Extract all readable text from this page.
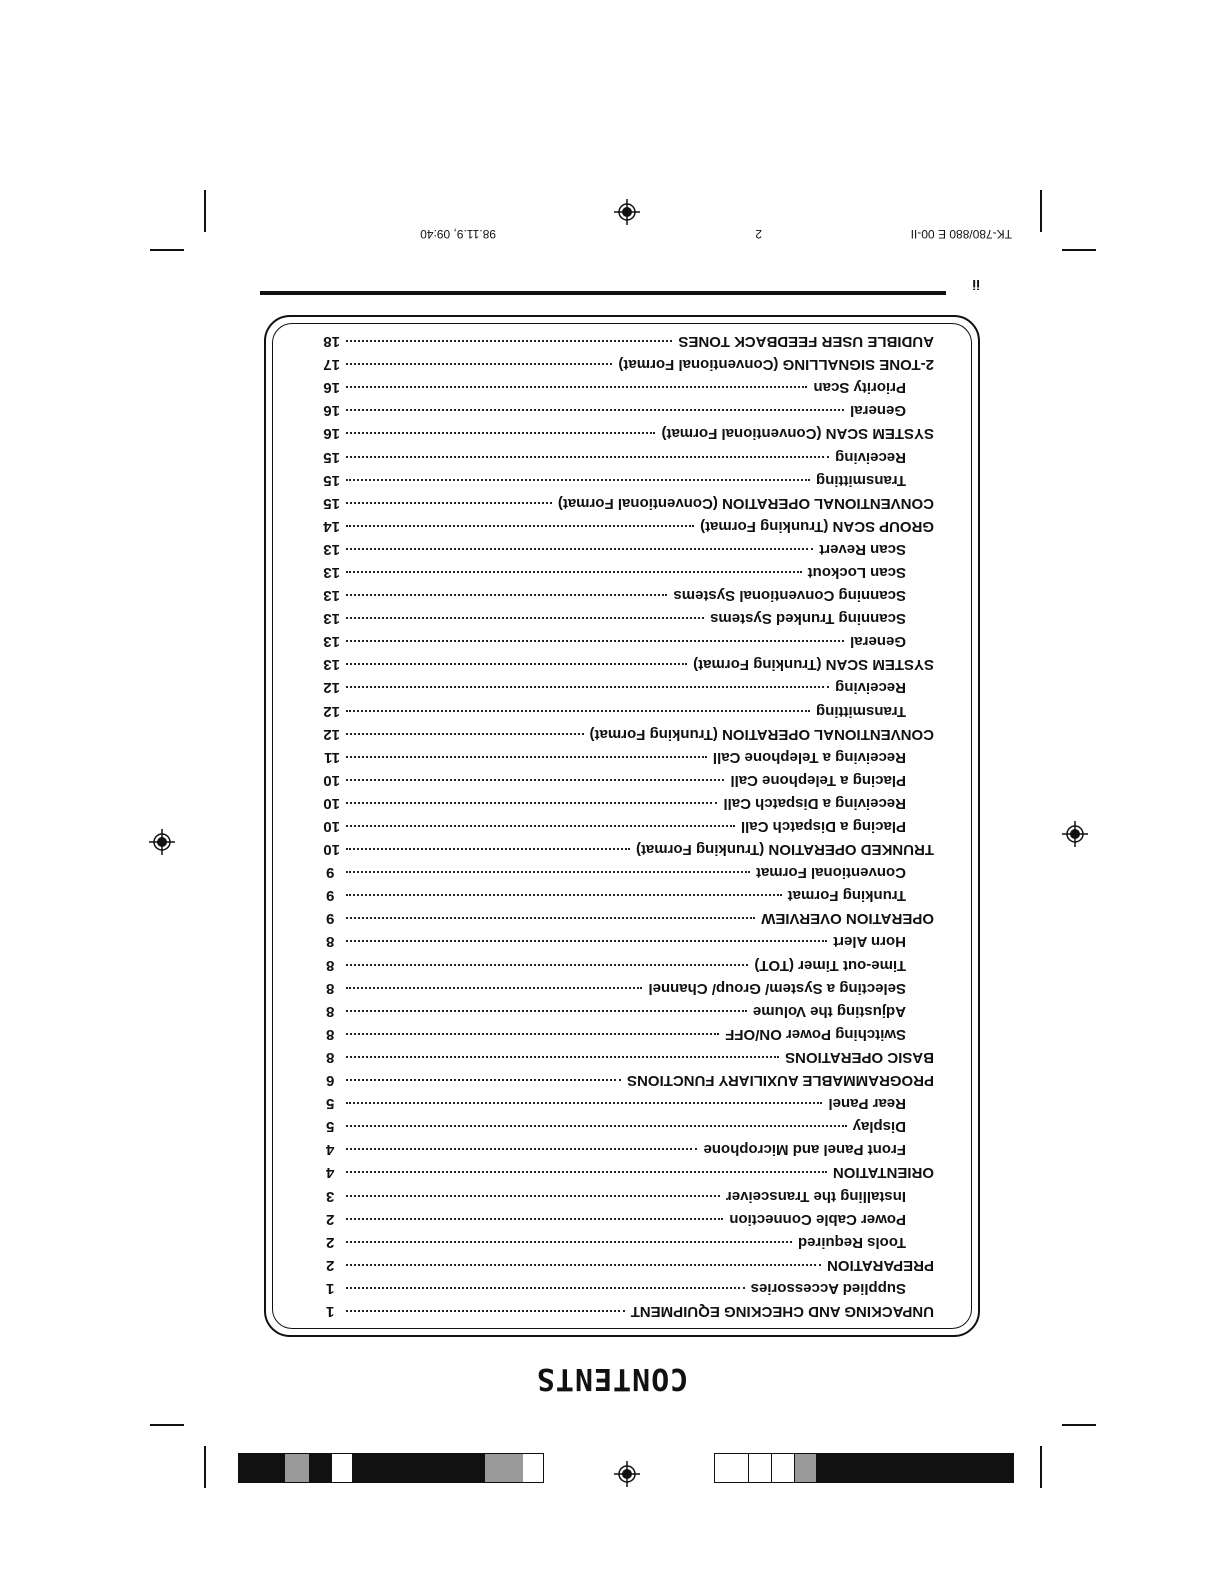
CONTENTS
UNPACKING AND CHECKING EQUIPMENT
1
Supplied Accessories
1
PREPARATION
2
Tools Required
2
Power Cable Connection
2
Installing the Transceiver
3
ORIENTATION
4
Front Panel and Microphone
4
Display
5
Rear Panel
5
PROGRAMMABLE AUXILIARY FUNCTIONS
6
BASIC OPERATIONS
8
Switching Power ON/OFF
8
Adjusting the Volume
8
Selecting a System/ Group/ Channel
8
Time-out Timer (TOT)
8
Horn Alert
8
OPERATION OVERVIEW
9
Trunking Format
9
Conventional Format
9
TRUNKED OPERATION (Trunking Format)
10
Placing a Dispatch Call
10
Receiving a Dispatch Call
10
Placing a Telephone Call
10
Receiving a Telephone Call
11
CONVENTIONAL OPERATION (Trunking Format)
12
Transmitting
12
Receiving
12
SYSTEM SCAN (Trunking Format)
13
General
13
Scanning Trunked Systems
13
Scanning Conventional Systems
13
Scan Lockout
13
Scan Revert
13
GROUP SCAN (Trunking Format)
14
CONVENTIONAL OPERATION (Conventional Format)
15
Transmitting
15
Receiving
15
SYSTEM SCAN (Conventional Format)
16
General
16
Priority Scan
16
2-TONE SIGNALLING (Conventional Format)
17
AUDIBLE USER FEEDBACK TONES
18
ii
TK-780/880 E 00-II
2
98.11.9, 09:40
